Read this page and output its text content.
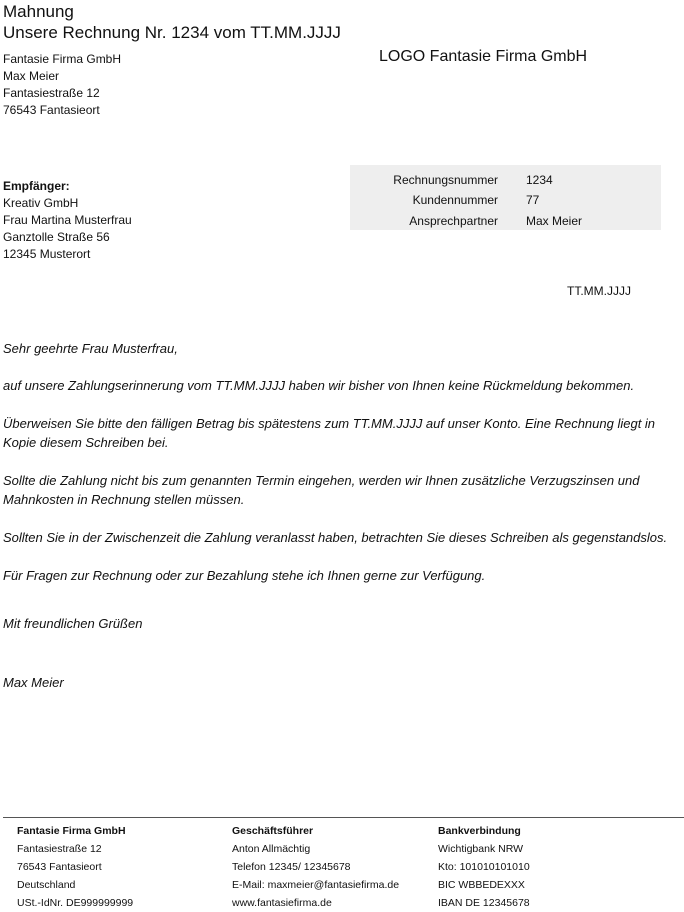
Mahnung
Unsere Rechnung Nr. 1234 vom TT.MM.JJJJ
LOGO Fantasie Firma GmbH
Fantasie Firma GmbH
Max Meier
Fantasiestraße 12
76543 Fantasieort
Empfänger:
Kreativ GmbH
Frau Martina Musterfrau
Ganztolle Straße 56
12345 Musterort
Rechnungsnummer 1234
Kundennummer 77
Ansprechpartner Max Meier
TT.MM.JJJJ

Sehr geehrte Frau Musterfrau,

auf unsere Zahlungserinnerung vom TT.MM.JJJJ haben wir bisher von Ihnen keine Rückmeldung bekommen.

Überweisen Sie bitte den fälligen Betrag bis spätestens zum TT.MM.JJJJ auf unser Konto. Eine Rechnung liegt in Kopie diesem Schreiben bei.

Sollte die Zahlung nicht bis zum genannten Termin eingehen, werden wir Ihnen zusätzliche Verzugszinsen und Mahnkosten in Rechnung stellen müssen.

Sollten Sie in der Zwischenzeit die Zahlung veranlasst haben, betrachten Sie dieses Schreiben als gegenstandslos.

Für Fragen zur Rechnung oder zur Bezahlung stehe ich Ihnen gerne zur Verfügung.

Mit freundlichen Grüßen

Max Meier

Fantasie Firma GmbH
Fantasiestraße 12
76543 Fantasieort
Deutschland
USt.-IdNr. DE999999999
Geschäftsführer
Anton Allmächtig
Telefon 12345/ 12345678
E-Mail: maxmeier@fantasiefirma.de
www.fantasiefirma.de
Bankverbindung
Wichtigbank NRW
Kto: 101010101010
BIC WBBEDEXXX
IBAN DE 12345678
